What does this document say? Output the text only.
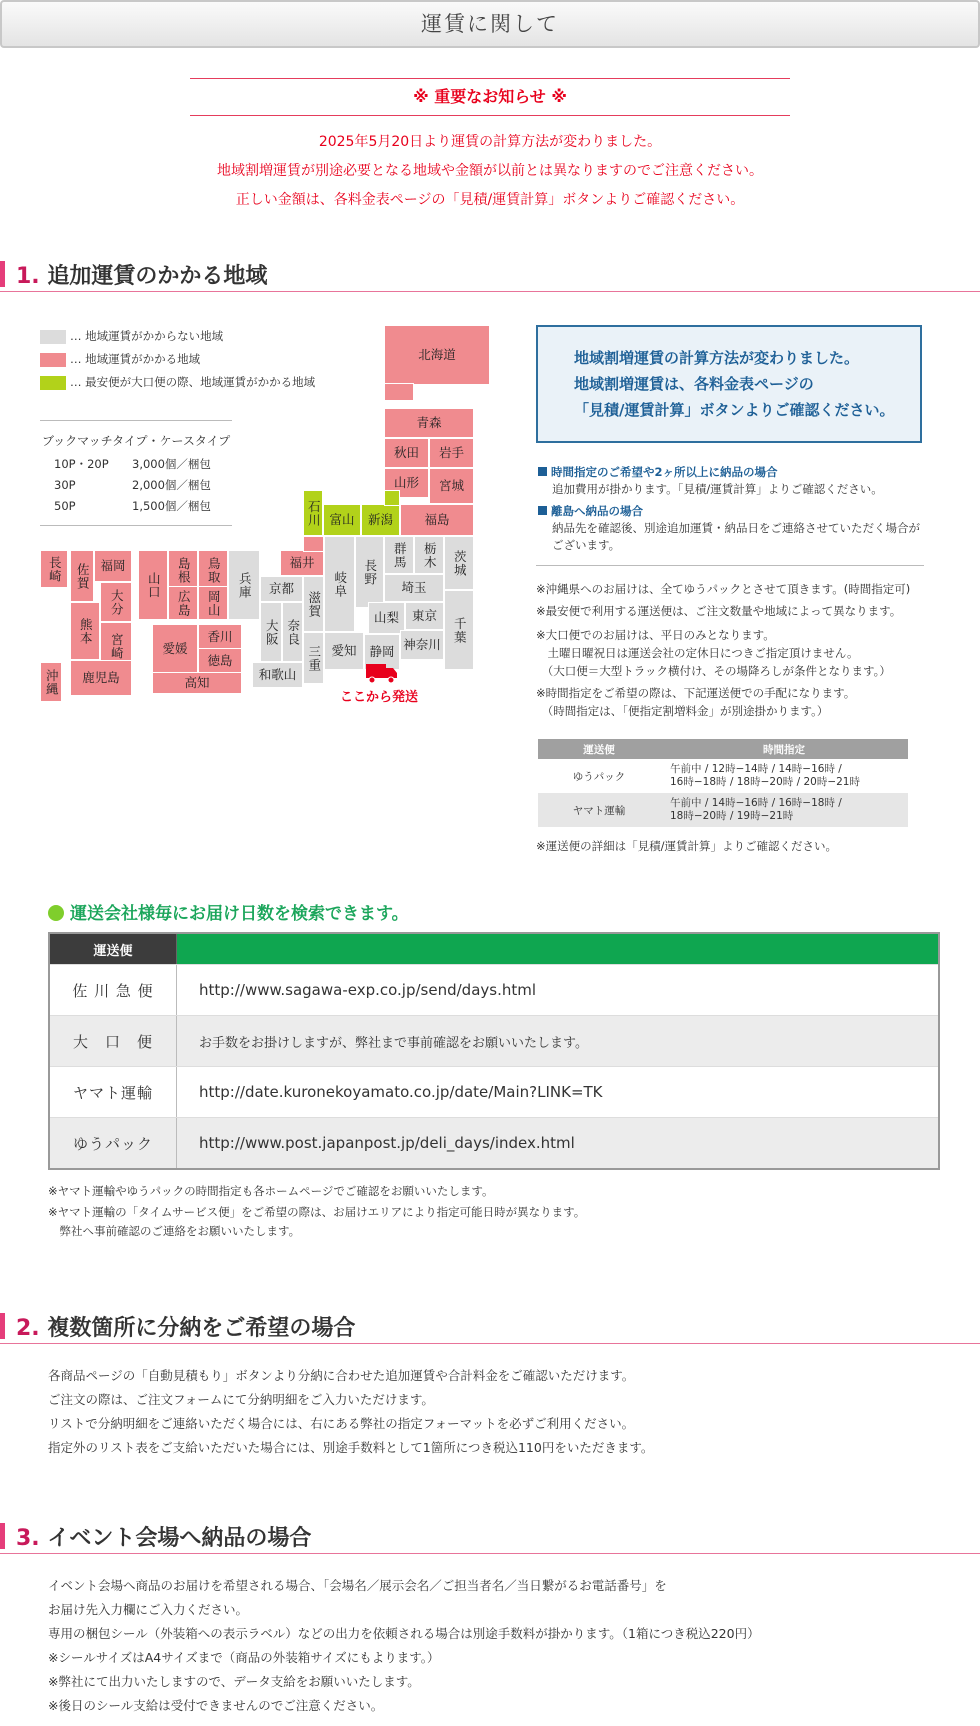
運賃に関して
※ 重要なお知らせ ※
2025年5月20日より運賃の計算方法が変わりました。
地域割増運賃が別途必要となる地域や金額が以前とは異なりますのでご注意ください。
正しい金額は、各料金表ページの「見積/運賃計算」ボタンよりご確認ください。
1. 追加運賃のかかる地域
… 地域運賃がかからない地域
… 地域運賃がかかる地域
… 最安便が大口便の際、地域運賃がかかる地域
ブックマッチタイプ・ケースタイプ
10P・20P 3,000個／梱包
30P	2,000個／梱包
50P	1,500個／梱包
北海道
青森
秋田	岩手
山形	宮城
福島
石川 富山	新潟
福井	群馬	栃木	茨城
長野
岐阜
滋賀
京都
兵庫	埼玉
東京
千葉
山梨
神奈川
静岡
愛知
三重
奈良
大阪
和歌山
鳥取
島根
岡山
広島
山口
香川
徳島
愛媛
高知
福岡
佐賀
長崎
大分
熊本
宮崎
鹿児島
沖縄
ここから発送
地域割増運賃の計算方法が変わりました。
地域割増運賃は、各料金表ページの
「見積/運賃計算」ボタンよりご確認ください。
時間指定のご希望や2ヶ所以上に納品の場合
追加費用が掛かります。「見積/運賃計算」よりご確認ください。
離島へ納品の場合
納品先を確認後、別途追加運賃・納品日をご連絡させていただく場合がございます。
※沖縄県へのお届けは、全てゆうパックとさせて頂きます。(時間指定可)
※最安便で利用する運送便は、ご注文数量や地域によって異なります。
※大口便でのお届けは、平日のみとなります。
　土曜日曜祝日は運送会社の定休日につきご指定頂けません。
　（大口便＝大型トラック横付け、その場降ろしが条件となります。）
※時間指定をご希望の際は、下記運送便での手配になります。
　（時間指定は、「便指定割増料金」が別途掛かります。）
運送便	時間指定
ゆうパック	午前中 / 12時−14時 / 14時−16時 /
16時−18時 / 18時−20時 / 20時−21時
ヤマト運輸	午前中 / 14時−16時 / 16時−18時 /
18時−20時 / 19時−21時
※運送便の詳細は「見積/運賃計算」よりご確認ください。
運送会社様毎にお届け日数を検索できます。
運送便	
佐 川 急 便	http://www.sagawa-exp.co.jp/send/days.html
大　口　便	お手数をお掛けしますが、弊社まで事前確認をお願いいたします。
ヤマト運輸	http://date.kuronekoyamato.co.jp/date/Main?LINK=TK
ゆうパック	http://www.post.japanpost.jp/deli_days/index.html
※ヤマト運輸やゆうパックの時間指定も各ホームページでご確認をお願いいたします。
※ヤマト運輸の「タイムサービス便」をご希望の際は、お届けエリアにより指定可能日時が異なります。
　弊社へ事前確認のご連絡をお願いいたします。
2. 複数箇所に分納をご希望の場合
各商品ページの「自動見積もり」ボタンより分納に合わせた追加運賃や合計料金をご確認いただけます。
ご注文の際は、ご注文フォームにて分納明細をご入力いただけます。
リストで分納明細をご連絡いただく場合には、右にある弊社の指定フォーマットを必ずご利用ください。
指定外のリスト表をご支給いただいた場合には、別途手数料として1箇所につき税込110円をいただきます。
3. イベント会場へ納品の場合
イベント会場へ商品のお届けを希望される場合、「会場名／展示会名／ご担当者名／当日繋がるお電話番号」を
お届け先入力欄にご入力ください。
専用の梱包シール（外装箱への表示ラベル）などの出力を依頼される場合は別途手数料が掛かります。（1箱につき税込220円）
※シールサイズはA4サイズまで（商品の外装箱サイズにもよります。）
※弊社にて出力いたしますので、データ支給をお願いいたします。
※後日のシール支給は受付できませんのでご注意ください。
